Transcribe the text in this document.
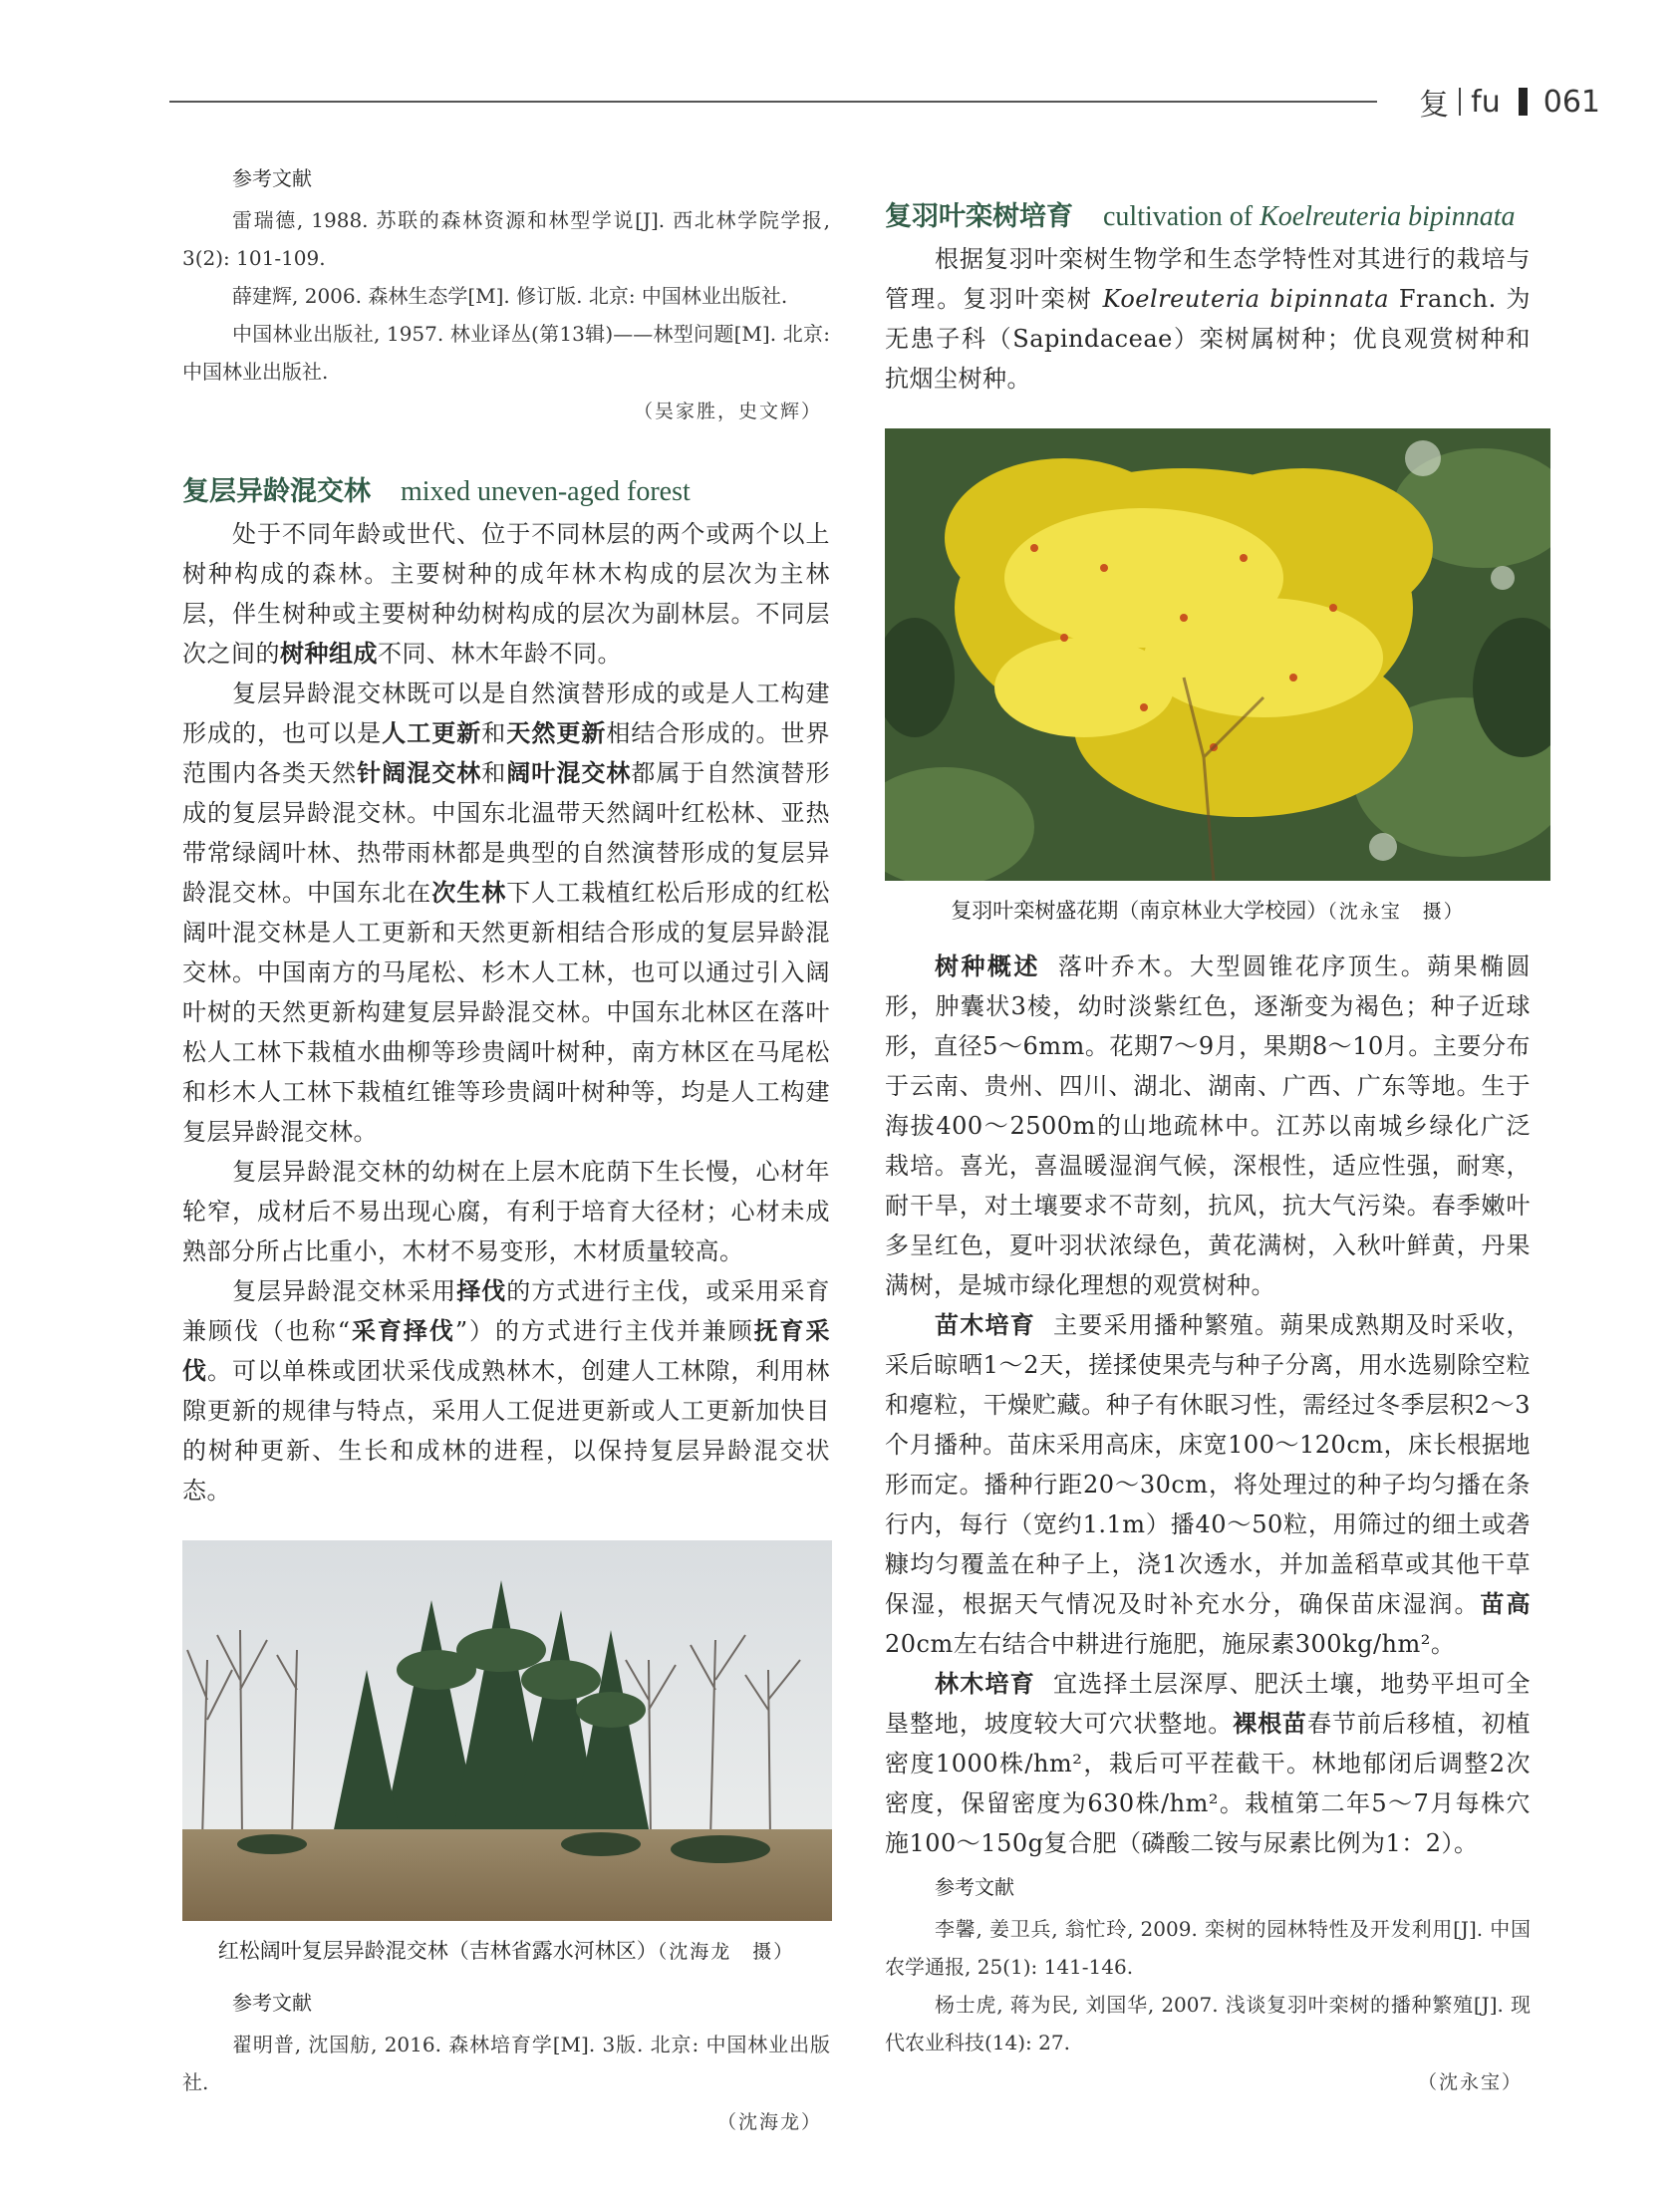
复 fu 061
参考文献

雷瑞德, 1988. 苏联的森林资源和林型学说[J]. 西北林学院学报, 3(2): 101-109.

薛建辉, 2006. 森林生态学[M]. 修订版. 北京: 中国林业出版社.

中国林业出版社, 1957. 林业译丛(第13辑)——林型问题[M]. 北京: 中国林业出版社.

（吴家胜，史文辉）
复层异龄混交林 mixed uneven-aged forest

处于不同年龄或世代、位于不同林层的两个或两个以上树种构成的森林。主要树种的成年林木构成的层次为主林层，伴生树种或主要树种幼树构成的层次为副林层。不同层次之间的树种组成不同、林木年龄不同。

复层异龄混交林既可以是自然演替形成的或是人工构建形成的，也可以是人工更新和天然更新相结合形成的。世界范围内各类天然针阔混交林和阔叶混交林都属于自然演替形成的复层异龄混交林。中国东北温带天然阔叶红松林、亚热带常绿阔叶林、热带雨林都是典型的自然演替形成的复层异龄混交林。中国东北在次生林下人工栽植红松后形成的红松阔叶混交林是人工更新和天然更新相结合形成的复层异龄混交林。中国南方的马尾松、杉木人工林，也可以通过引入阔叶树的天然更新构建复层异龄混交林。中国东北林区在落叶松人工林下栽植水曲柳等珍贵阔叶树种，南方林区在马尾松和杉木人工林下栽植红锥等珍贵阔叶树种等，均是人工构建复层异龄混交林。

复层异龄混交林的幼树在上层木庇荫下生长慢，心材年轮窄，成材后不易出现心腐，有利于培育大径材；心材未成熟部分所占比重小，木材不易变形，木材质量较高。

复层异龄混交林采用择伐的方式进行主伐，或采用采育兼顾伐（也称“采育择伐”）的方式进行主伐并兼顾抚育采伐。可以单株或团状采伐成熟林木，创建人工林隙，利用林隙更新的规律与特点，采用人工促进更新或人工更新加快目的树种更新、生长和成林的进程，以保持复层异龄混交状态。

红松阔叶复层异龄混交林（吉林省露水河林区）（沈海龙　摄）
参考文献

翟明普, 沈国舫, 2016. 森林培育学[M]. 3版. 北京: 中国林业出版社.

（沈海龙）
复羽叶栾树培育 cultivation of Koelreuteria bipinnata

根据复羽叶栾树生物学和生态学特性对其进行的栽培与管理。复羽叶栾树 Koelreuteria bipinnata Franch. 为无患子科（Sapindaceae）栾树属树种；优良观赏树种和抗烟尘树种。

复羽叶栾树盛花期（南京林业大学校园）（沈永宝　摄）

树种概述 落叶乔木。大型圆锥花序顶生。蒴果椭圆形，肿囊状3棱，幼时淡紫红色，逐渐变为褐色；种子近球形，直径5～6mm。花期7～9月，果期8～10月。主要分布于云南、贵州、四川、湖北、湖南、广西、广东等地。生于海拔400～2500m的山地疏林中。江苏以南城乡绿化广泛栽培。喜光，喜温暖湿润气候，深根性，适应性强，耐寒，耐干旱，对土壤要求不苛刻，抗风，抗大气污染。春季嫩叶多呈红色，夏叶羽状浓绿色，黄花满树，入秋叶鲜黄，丹果满树，是城市绿化理想的观赏树种。

苗木培育 主要采用播种繁殖。蒴果成熟期及时采收，采后晾晒1～2天，搓揉使果壳与种子分离，用水选剔除空粒和瘪粒，干燥贮藏。种子有休眠习性，需经过冬季层积2～3个月播种。苗床采用高床，床宽100～120cm，床长根据地形而定。播种行距20～30cm，将处理过的种子均匀播在条行内，每行（宽约1.1m）播40～50粒，用筛过的细土或砻糠均匀覆盖在种子上，浇1次透水，并加盖稻草或其他干草保湿，根据天气情况及时补充水分，确保苗床湿润。苗高20cm左右结合中耕进行施肥，施尿素300kg/hm²。

林木培育 宜选择土层深厚、肥沃土壤，地势平坦可全垦整地，坡度较大可穴状整地。裸根苗春节前后移植，初植密度1000株/hm²，栽后可平茬截干。林地郁闭后调整2次密度，保留密度为630株/hm²。栽植第二年5～7月每株穴施100～150g复合肥（磷酸二铵与尿素比例为1：2）。

参考文献

李馨, 姜卫兵, 翁忙玲, 2009. 栾树的园林特性及开发利用[J]. 中国农学通报, 25(1): 141-146.

杨士虎, 蒋为民, 刘国华, 2007. 浅谈复羽叶栾树的播种繁殖[J]. 现代农业科技(14): 27.

（沈永宝）
